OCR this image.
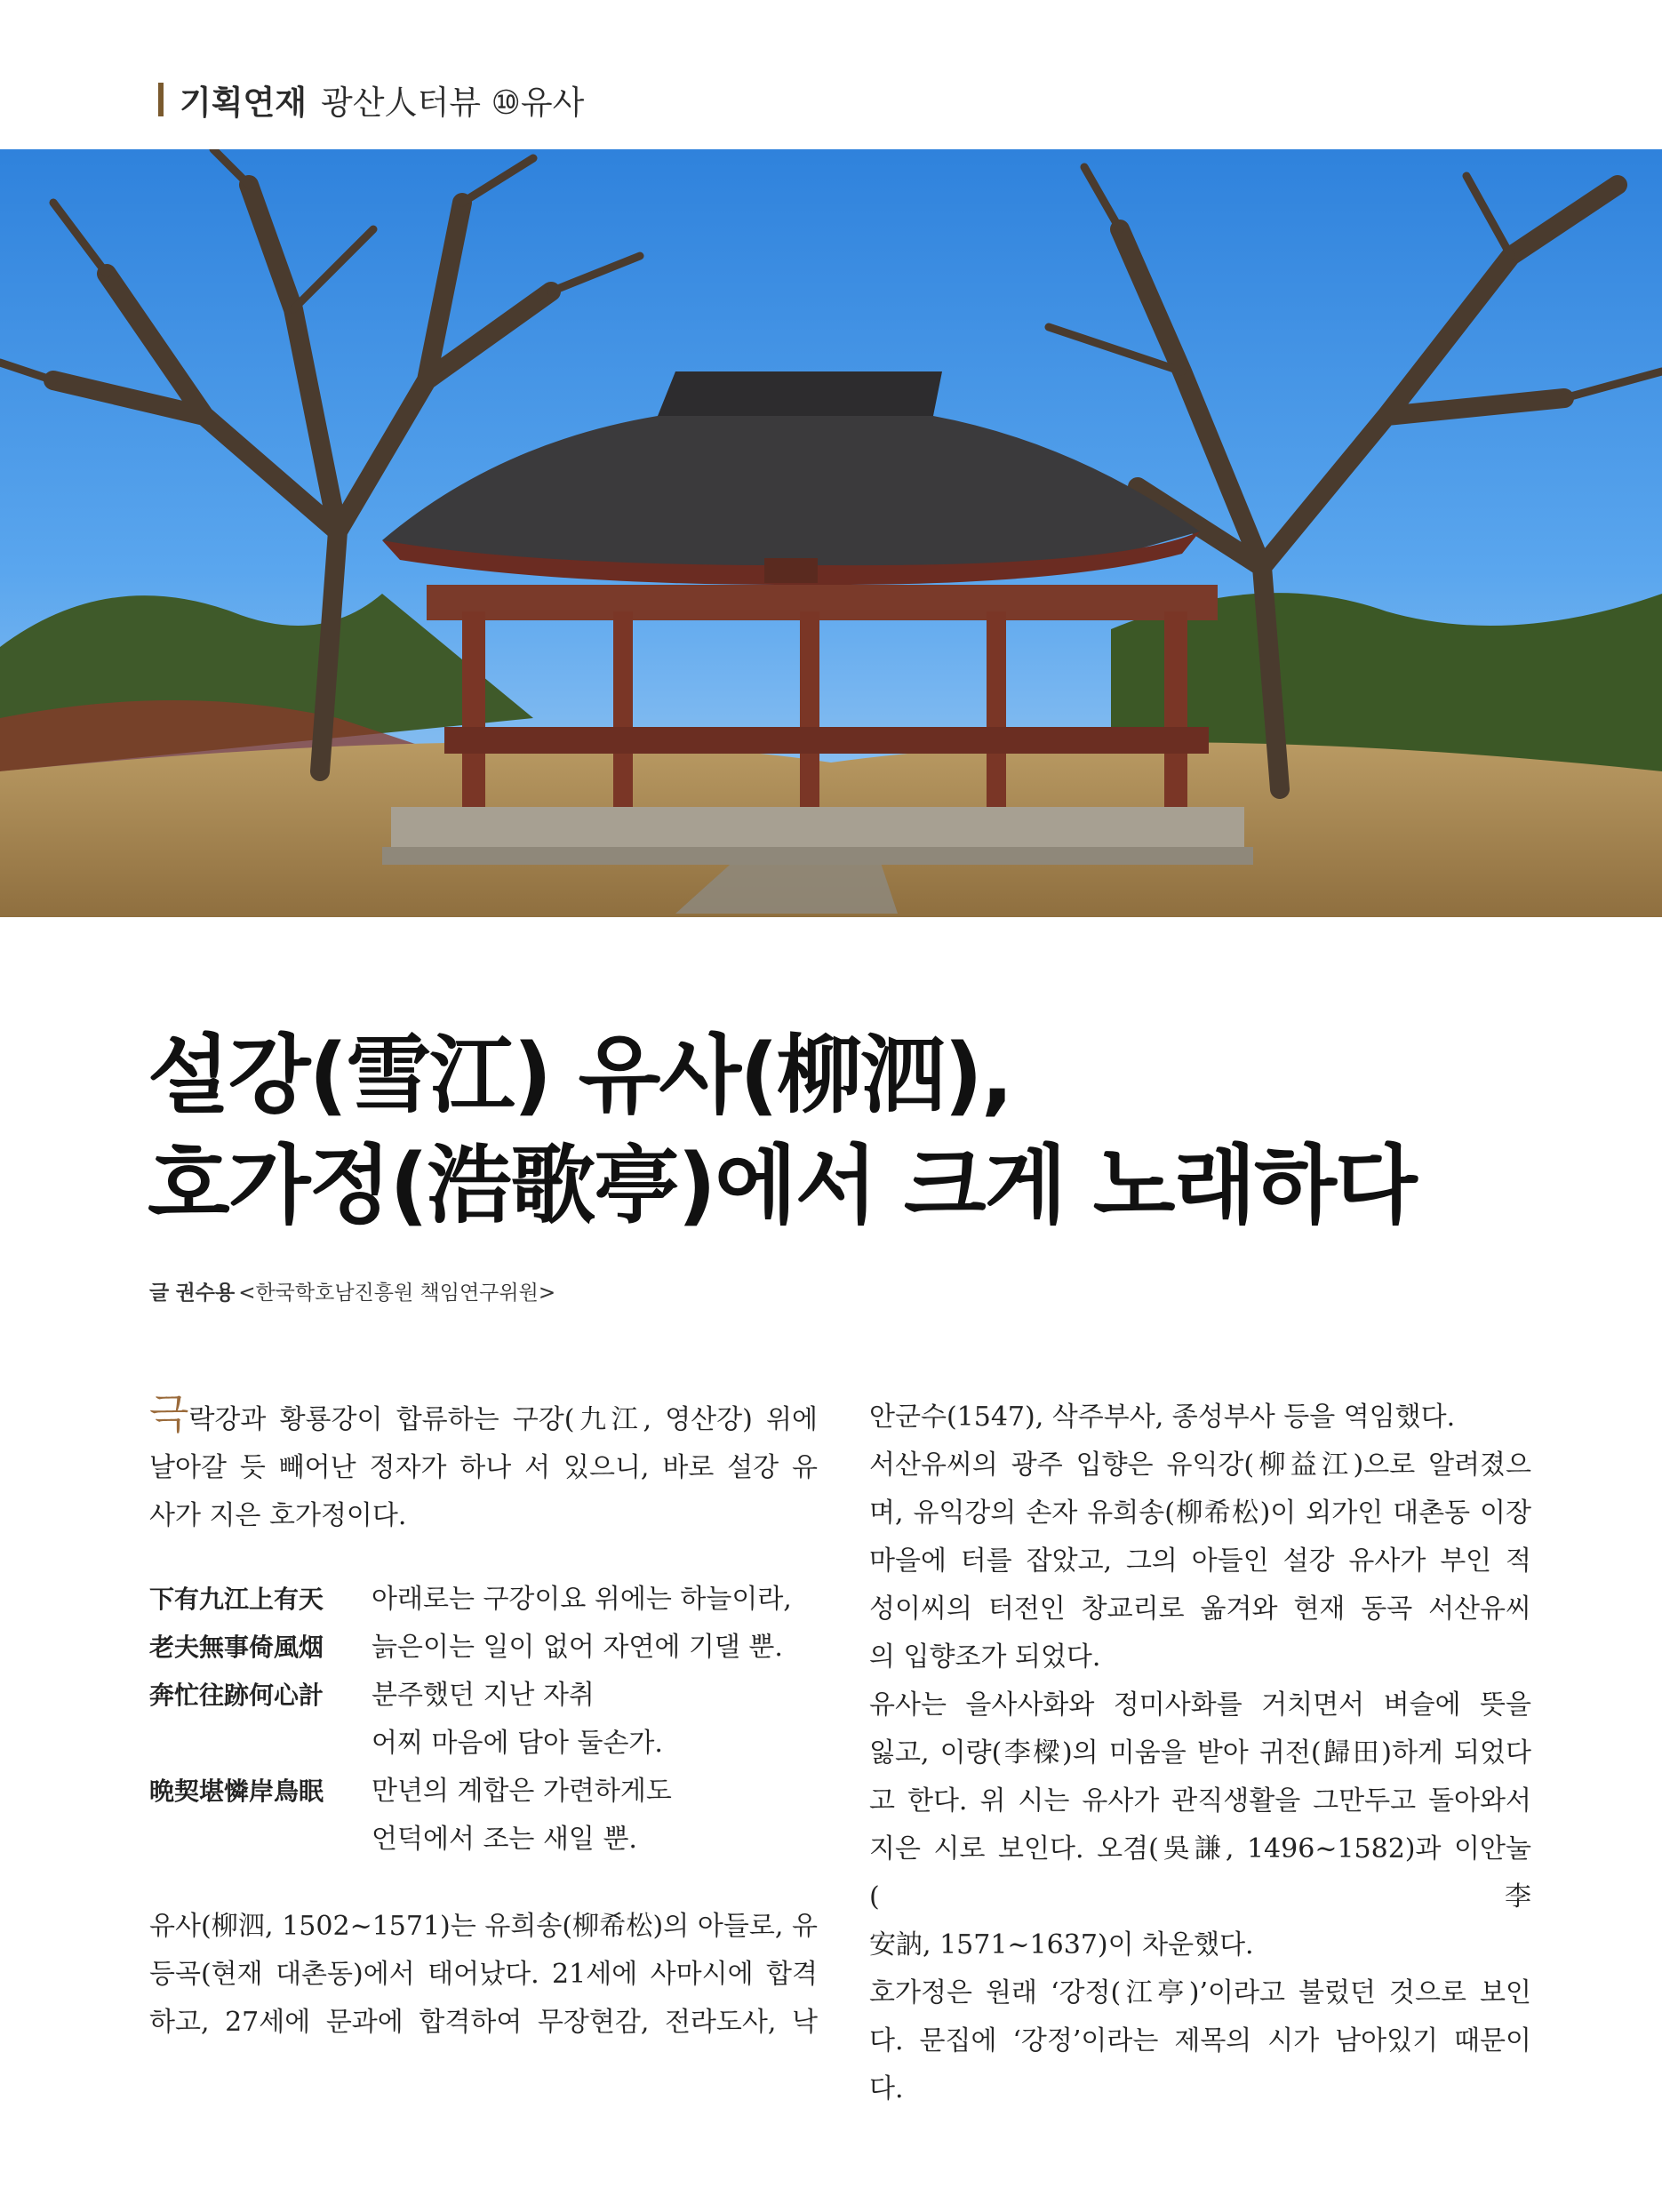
기획연재 광산人터뷰 ⑩유사
설강(雪江) 유사(柳泗),
호가정(浩歌亭)에서 크게 노래하다
글 권수용 <한국학호남진흥원 책임연구위원>
극락강과 황룡강이 합류하는 구강(九江, 영산강) 위에
날아갈 듯 빼어난 정자가 하나 서 있으니, 바로 설강 유
사가 지은 호가정이다.
下有九江上有天	아래로는 구강이요 위에는 하늘이라,
老夫無事倚風烟	늙은이는 일이 없어 자연에 기댈 뿐.
奔忙往跡何心計	분주했던 지난 자취
어찌 마음에 담아 둘손가.
晩契堪憐岸鳥眠	만년의 계합은 가련하게도
언덕에서 조는 새일 뿐.
유사(柳泗, 1502~1571)는 유희송(柳希松)의 아들로, 유
등곡(현재 대촌동)에서 태어났다. 21세에 사마시에 합격
하고, 27세에 문과에 합격하여 무장현감, 전라도사, 낙
안군수(1547), 삭주부사, 종성부사 등을 역임했다.
서산유씨의 광주 입향은 유익강(柳益江)으로 알려졌으
며, 유익강의 손자 유희송(柳希松)이 외가인 대촌동 이장
마을에 터를 잡았고, 그의 아들인 설강 유사가 부인 적
성이씨의 터전인 창교리로 옮겨와 현재 동곡 서산유씨
의 입향조가 되었다.
유사는 을사사화와 정미사화를 거치면서 벼슬에 뜻을
잃고, 이량(李樑)의 미움을 받아 귀전(歸田)하게 되었다
고 한다. 위 시는 유사가 관직생활을 그만두고 돌아와서
지은 시로 보인다. 오겸(吳謙, 1496~1582)과 이안눌(李
安訥, 1571~1637)이 차운했다.
호가정은 원래 ‘강정(江亭)’이라고 불렀던 것으로 보인
다. 문집에 ‘강정’이라는 제목의 시가 남아있기 때문이
다.
